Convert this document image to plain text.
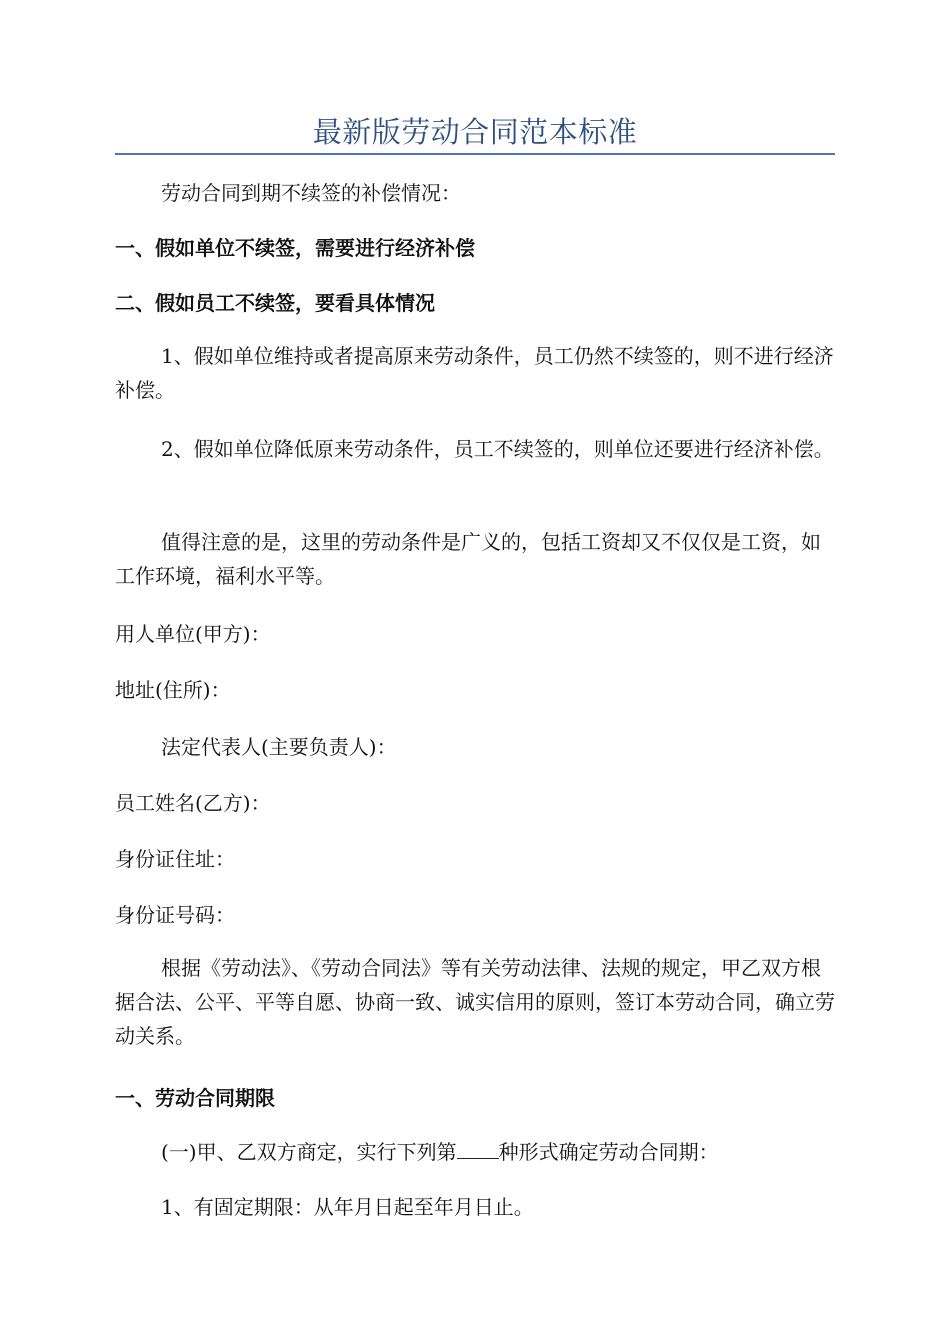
最新版劳动合同范本标准

劳动合同到期不续签的补偿情况：

一、假如单位不续签，需要进行经济补偿

二、假如员工不续签，要看具体情况

1、假如单位维持或者提高原来劳动条件，员工仍然不续签的，则不进行经济补偿。

2、假如单位降低原来劳动条件，员工不续签的，则单位还要进行经济补偿。

值得注意的是，这里的劳动条件是广义的，包括工资却又不仅仅是工资，如工作环境，福利水平等。

用人单位(甲方)：

地址(住所)：

法定代表人(主要负责人)：

员工姓名(乙方)：

身份证住址：

身份证号码：

根据《劳动法》、《劳动合同法》等有关劳动法律、法规的规定，甲乙双方根据合法、公平、平等自愿、协商一致、诚实信用的原则，签订本劳动合同，确立劳动关系。

一、劳动合同期限

(一)甲、乙双方商定，实行下列第 种形式确定劳动合同期：

1、有固定期限：从年月日起至年月日止。
